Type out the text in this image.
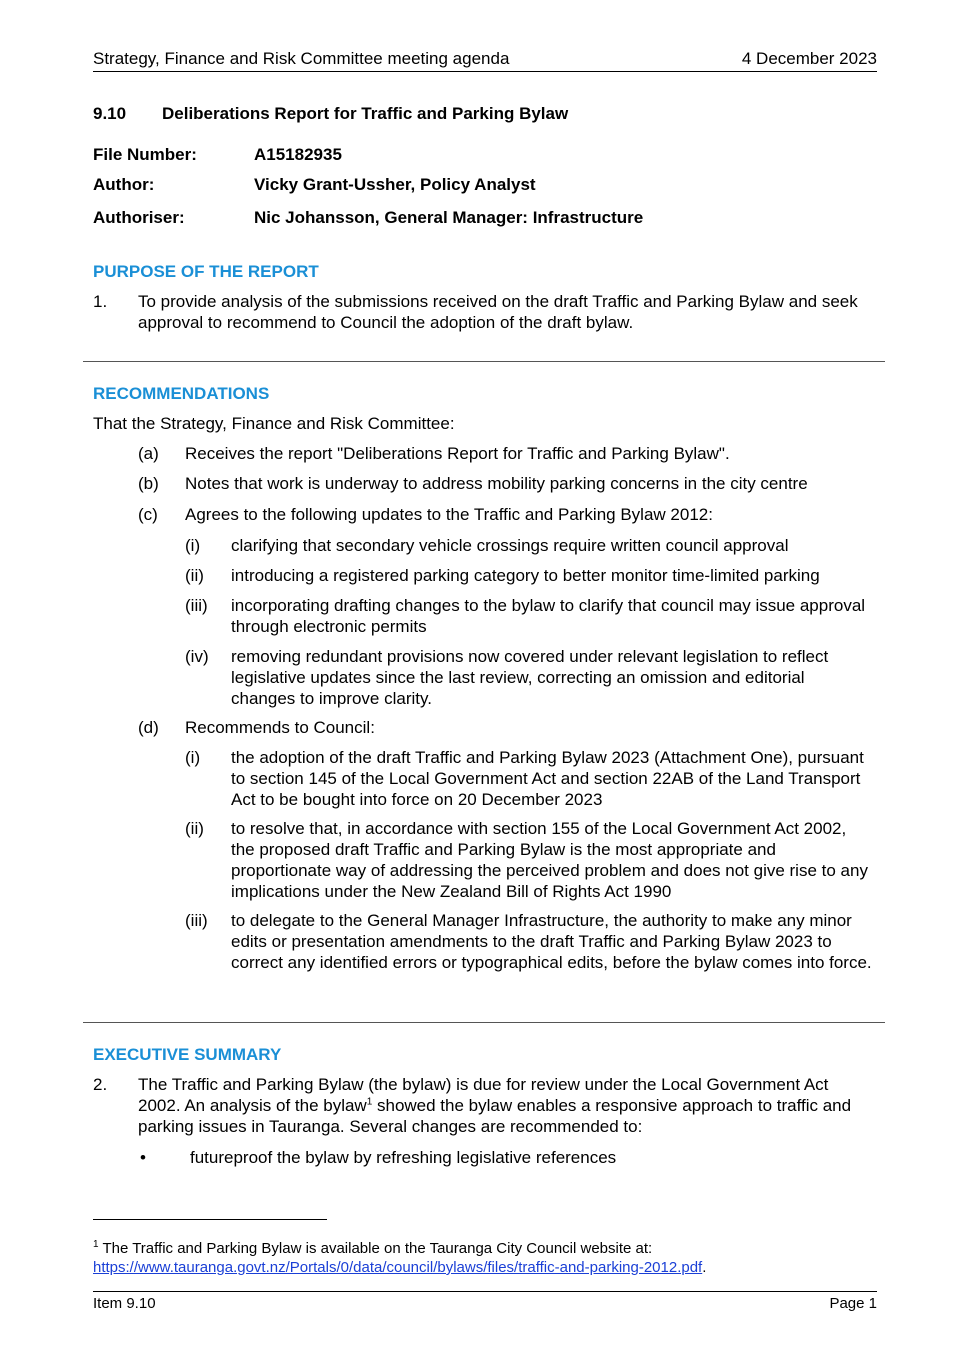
Strategy, Finance and Risk Committee meeting agenda	4 December 2023
9.10 Deliberations Report for Traffic and Parking Bylaw
File Number:	A15182935
Author:	Vicky Grant-Ussher, Policy Analyst
Authoriser:	Nic Johansson, General Manager: Infrastructure
PURPOSE OF THE REPORT
1. To provide analysis of the submissions received on the draft Traffic and Parking Bylaw and seek approval to recommend to Council the adoption of the draft bylaw.
RECOMMENDATIONS
That the Strategy, Finance and Risk Committee:
(a) Receives the report "Deliberations Report for Traffic and Parking Bylaw".
(b) Notes that work is underway to address mobility parking concerns in the city centre
(c) Agrees to the following updates to the Traffic and Parking Bylaw 2012:
(i) clarifying that secondary vehicle crossings require written council approval
(ii) introducing a registered parking category to better monitor time-limited parking
(iii) incorporating drafting changes to the bylaw to clarify that council may issue approval through electronic permits
(iv) removing redundant provisions now covered under relevant legislation to reflect legislative updates since the last review, correcting an omission and editorial changes to improve clarity.
(d) Recommends to Council:
(i) the adoption of the draft Traffic and Parking Bylaw 2023 (Attachment One), pursuant to section 145 of the Local Government Act and section 22AB of the Land Transport Act to be bought into force on 20 December 2023
(ii) to resolve that, in accordance with section 155 of the Local Government Act 2002, the proposed draft Traffic and Parking Bylaw is the most appropriate and proportionate way of addressing the perceived problem and does not give rise to any implications under the New Zealand Bill of Rights Act 1990
(iii) to delegate to the General Manager Infrastructure, the authority to make any minor edits or presentation amendments to the draft Traffic and Parking Bylaw 2023 to correct any identified errors or typographical edits, before the bylaw comes into force.
EXECUTIVE SUMMARY
2. The Traffic and Parking Bylaw (the bylaw) is due for review under the Local Government Act 2002. An analysis of the bylaw$^1$ showed the bylaw enables a responsive approach to traffic and parking issues in Tauranga. Several changes are recommended to:
•	futureproof the bylaw by refreshing legislative references
$^1$ The Traffic and Parking Bylaw is available on the Tauranga City Council website at:
https://www.tauranga.govt.nz/Portals/0/data/council/bylaws/files/traffic-and-parking-2012.pdf.
Item 9.10	Page 1
